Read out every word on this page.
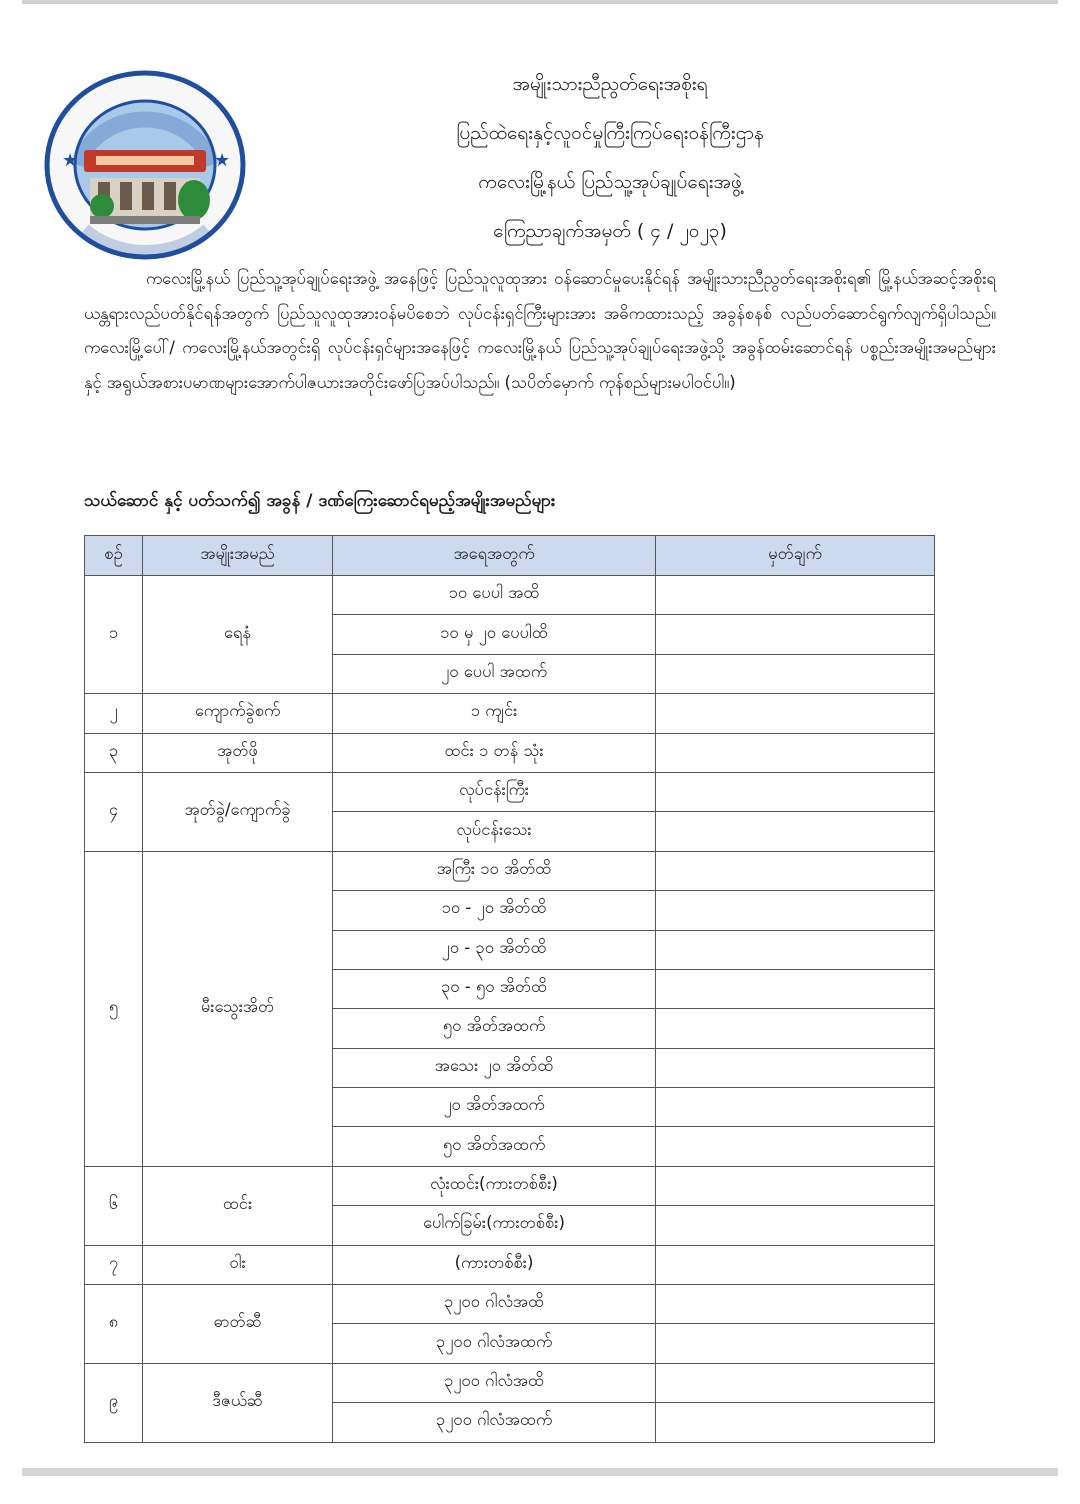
★	★
အမျိုးသားညီညွတ်ရေးအစိုးရ
ပြည်ထဲရေးနှင့်လူဝင်မှုကြီးကြပ်ရေးဝန်ကြီးဌာန
ကလေးမြို့နယ် ပြည်သူ့အုပ်ချုပ်ရေးအဖွဲ့
ကြေညာချက်အမှတ် ( ၄ / ၂၀၂၃)
ကလေးမြို့နယ် ပြည်သူ့အုပ်ချုပ်ရေးအဖွဲ့ အနေဖြင့် ပြည်သူလူထုအား ဝန်ဆောင်မှုပေးနိုင်ရန် အမျိုးသားညီညွတ်ရေးအစိုးရ၏ မြို့နယ်အဆင့်အစိုးရယန္တရားလည်ပတ်နိုင်ရန်အတွက် ပြည်သူလူထုအားဝန်မပိစေဘဲ လုပ်ငန်းရှင်ကြီးများအား အဓိကထားသည့် အခွန်စနစ် လည်ပတ်ဆောင်ရွက်လျက်ရှိပါသည်။ ကလေးမြို့ပေါ်/ ကလေးမြို့နယ်အတွင်းရှိ လုပ်ငန်းရှင်များအနေဖြင့် ကလေးမြို့နယ် ပြည်သူ့အုပ်ချုပ်ရေးအဖွဲ့သို့ အခွန်ထမ်းဆောင်ရန် ပစ္စည်းအမျိုးအမည်များနှင့် အရွယ်အစားပမာဏများအောက်ပါဇယားအတိုင်းဖော်ပြအပ်ပါသည်။ (သပိတ်မှောက် ကုန်စည်များမပါဝင်ပါ။)
သယ်ဆောင် နှင့် ပတ်သက်၍ အခွန် / ဒဏ်ကြေးဆောင်ရမည့်အမျိုးအမည်များ
စဉ်	အမျိုးအမည်	အရေအတွက်	မှတ်ချက်
၁	ရေနံ	၁၀ ပေပါ အထိ	
		၁၀ မှ ၂၀ ပေပါထိ	
		၂၀ ပေပါ အထက်	
၂	ကျောက်ခွဲစက်	၁ ကျင်း	
၃	အုတ်ဖို	ထင်း ၁ တန် သုံး	
၄	အုတ်ခွဲ/ကျောက်ခွဲ	လုပ်ငန်းကြီး	
		လုပ်ငန်းသေး	
၅	မီးသွေးအိတ်	အကြီး ၁၀ အိတ်ထိ	
		၁၀ - ၂၀ အိတ်ထိ	
		၂၀ - ၃၀ အိတ်ထိ	
		၃၀ - ၅၀ အိတ်ထိ	
		၅၀ အိတ်အထက်	
		အသေး ၂၀ အိတ်ထိ	
		၂၀ အိတ်အထက်	
		၅၀ အိတ်အထက်	
၆	ထင်း	လုံးထင်း(ကားတစ်စီး)	
		ပေါက်ခြမ်း(ကားတစ်စီး)	
၇	ဝါး	(ကားတစ်စီး)	
၈	ဓာတ်ဆီ	၃၂၀၀ ဂါလံအထိ	
		၃၂၀၀ ဂါလံအထက်	
၉	ဒီဇယ်ဆီ	၃၂၀၀ ဂါလံအထိ	
		၃၂၀၀ ဂါလံအထက်	
